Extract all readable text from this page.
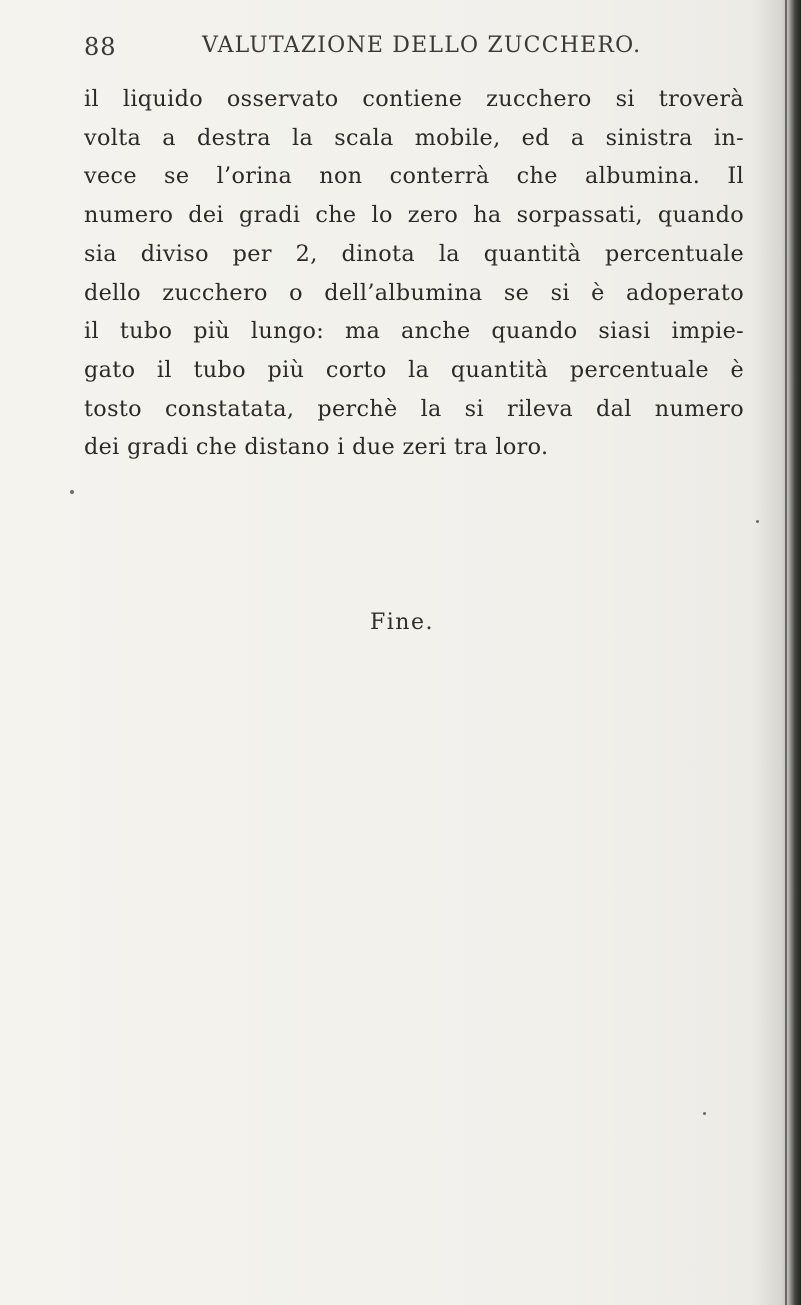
88	VALUTAZIONE DELLO ZUCCHERO.
il liquido osservato contiene zucchero si troverà
volta a destra la scala mobile, ed a sinistra in-
vece se l’orina non conterrà che albumina. Il
numero dei gradi che lo zero ha sorpassati, quando
sia diviso per 2, dinota la quantità percentuale
dello zucchero o dell’albumina se si è adoperato
il tubo più lungo: ma anche quando siasi impie-
gato il tubo più corto la quantità percentuale è
tosto constatata, perchè la si rileva dal numero
dei gradi che distano i due zeri tra loro.
Fine.
